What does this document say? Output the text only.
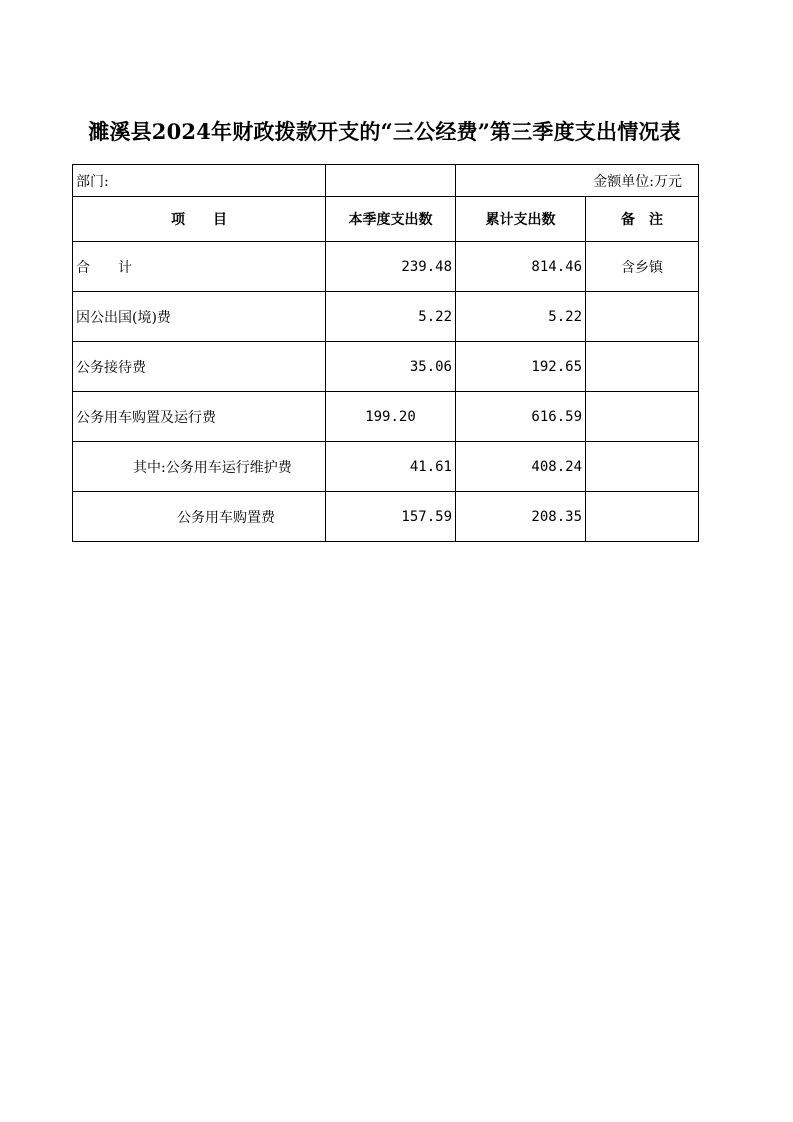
濉溪县2024年财政拨款开支的“三公经费”第三季度支出情况表
部门:		金额单位:万元	
项　　目	本季度支出数	累计支出数	备　注
合　　计	239.48	814.46	含乡镇
因公出国(境)费	5.22	5.22	
公务接待费	35.06	192.65	
公务用车购置及运行费	199.20	616.59	
其中:公务用车运行维护费	41.61	408.24	
公务用车购置费	157.59	208.35	
